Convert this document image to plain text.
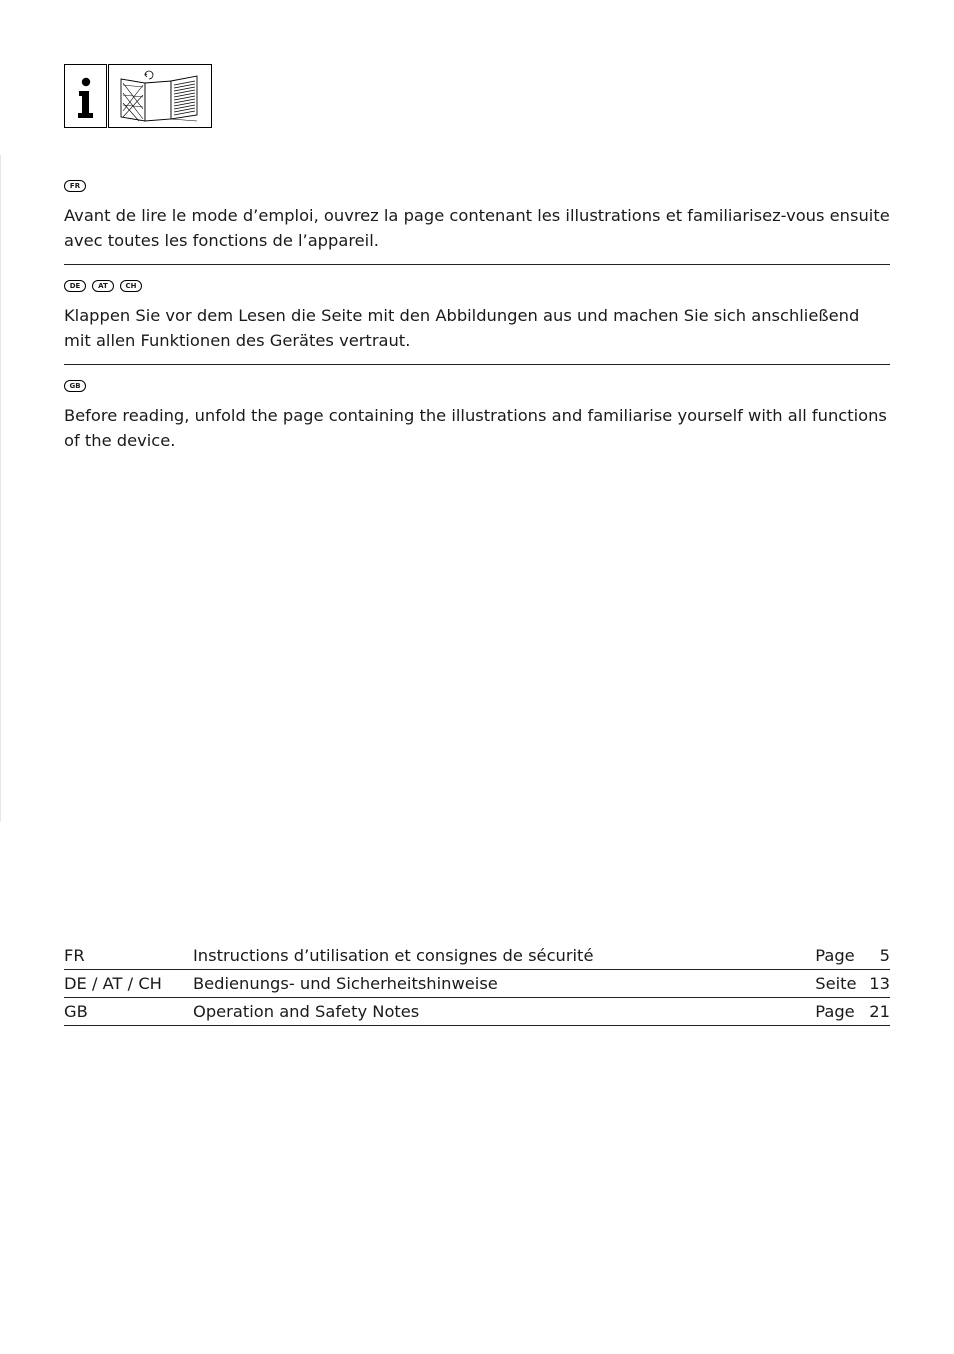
FR

Avant de lire le mode d’emploi, ouvrez la page contenant les illustrations et familiarisez-vous ensuite avec toutes les fonctions de l’appareil.

DE	AT	CH

Klappen Sie vor dem Lesen die Seite mit den Abbildungen aus und machen Sie sich anschließend mit allen Funktionen des Gerätes vertraut.

GB

Before reading, unfold the page containing the illustrations and familiarise yourself with all functions of the device.

FR	Instructions d’utilisation et consignes de sécurité	Page	5
DE / AT / CH	Bedienungs- und Sicherheitshinweise	Seite	13
GB	Operation and Safety Notes	Page	21
